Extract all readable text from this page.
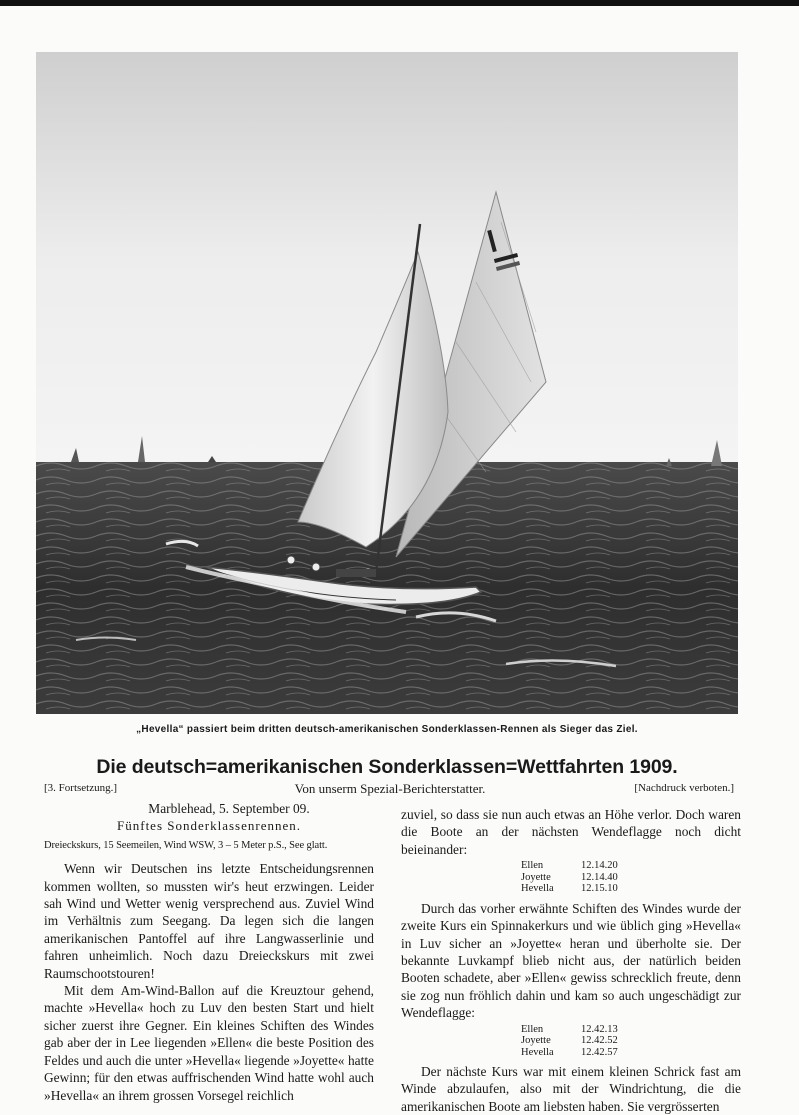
„Hevella“ passiert beim dritten deutsch-amerikanischen Sonderklassen-Rennen als Sieger das Ziel.
Die deutsch=amerikanischen Sonderklassen=Wettfahrten 1909.
[3. Fortsetzung.]	Von unserm Spezial-Berichterstatter.	[Nachdruck verboten.]
Marblehead, 5. September 09.
Fünftes Sonderklassenrennen.
Dreieckskurs, 15 Seemeilen, Wind WSW, 3 – 5 Meter p.S., See glatt.

Wenn wir Deutschen ins letzte Entscheidungsrennen kommen wollten, so mussten wir's heut erzwingen. Leider sah Wind und Wetter wenig versprechend aus. Zuviel Wind im Verhältnis zum Seegang. Da legen sich die langen amerikanischen Pantoffel auf ihre Langwasserlinie und fahren unheimlich. Noch dazu Dreieckskurs mit zwei Raumschootstouren!

Mit dem Am-Wind-Ballon auf die Kreuztour gehend, machte »Hevella« hoch zu Luv den besten Start und hielt sicher zuerst ihre Gegner. Ein kleines Schiften des Windes gab aber der in Lee liegenden »Ellen« die beste Position des Feldes und auch die unter »Hevella« liegende »Joyette« hatte Gewinn; für den etwas auffrischenden Wind hatte wohl auch »Hevella« an ihrem grossen Vorsegel reichlich

zuviel, so dass sie nun auch etwas an Höhe verlor. Doch waren die Boote an der nächsten Wendeflagge noch dicht beieinander:

Ellen	12.14.20
Joyette	12.14.40
Hevella	12.15.10

Durch das vorher erwähnte Schiften des Windes wurde der zweite Kurs ein Spinnakerkurs und wie üblich ging »Hevella« in Luv sicher an »Joyette« heran und überholte sie. Der bekannte Luvkampf blieb nicht aus, der natürlich beiden Booten schadete, aber »Ellen« gewiss schrecklich freute, denn sie zog nun fröhlich dahin und kam so auch ungeschädigt zur Wendeflagge:

Ellen	12.42.13
Joyette	12.42.52
Hevella	12.42.57

Der nächste Kurs war mit einem kleinen Schrick fast am Winde abzulaufen, also mit der Windrichtung, die die amerikanischen Boote am liebsten haben. Sie vergrösserten
